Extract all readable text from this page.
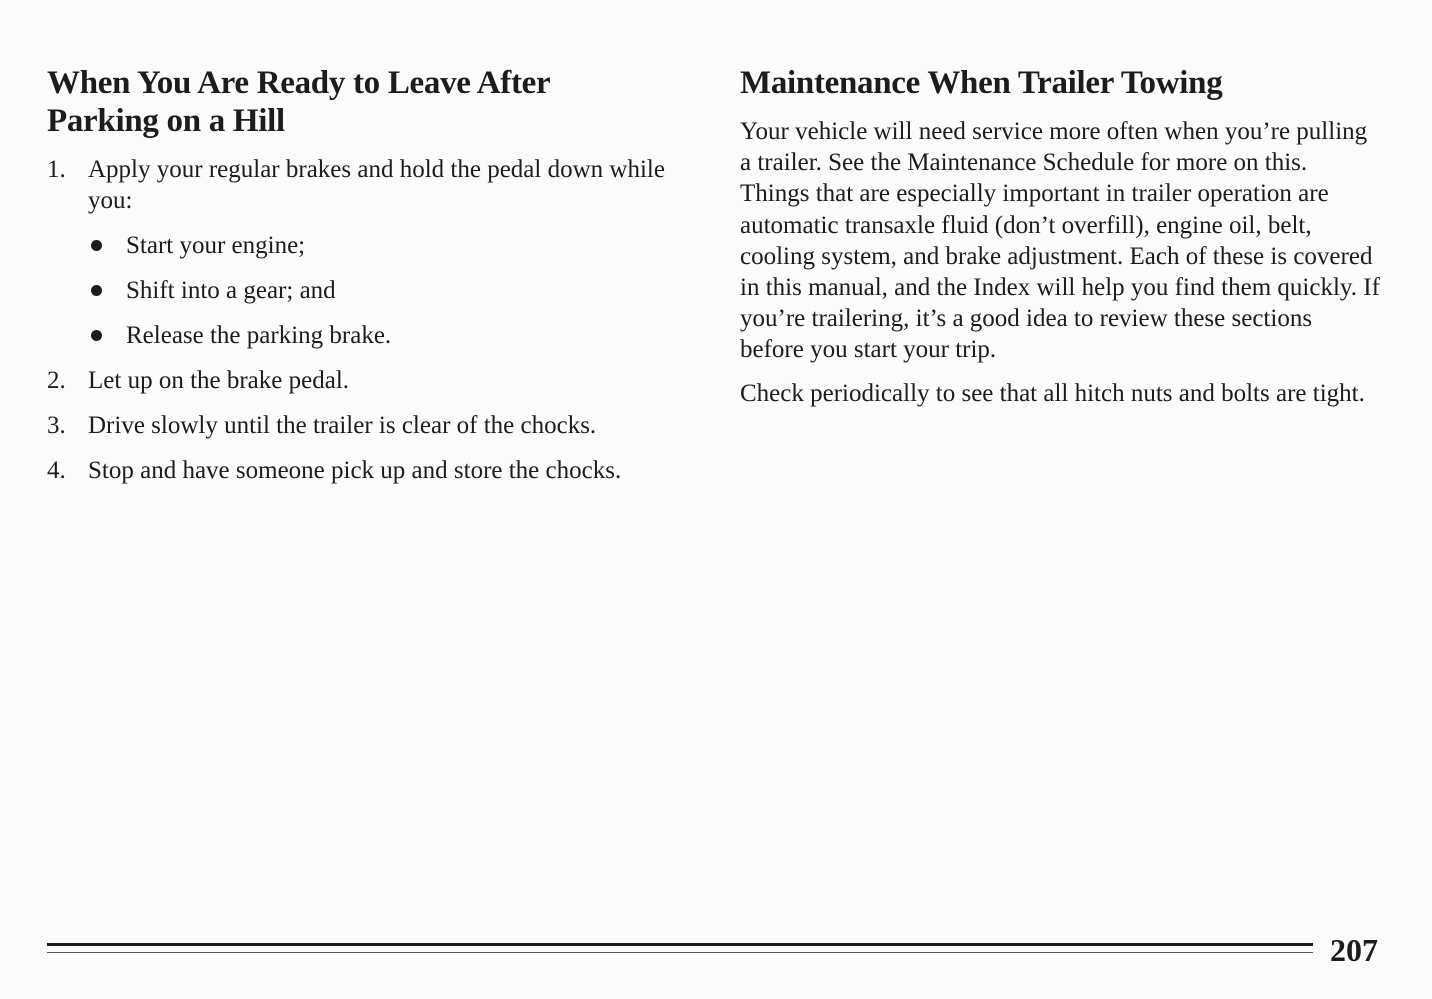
When You Are Ready to Leave After Parking on a Hill
1. Apply your regular brakes and hold the pedal down while you:
Start your engine;
Shift into a gear; and
Release the parking brake.
2. Let up on the brake pedal.
3. Drive slowly until the trailer is clear of the chocks.
4. Stop and have someone pick up and store the chocks.
Maintenance When Trailer Towing

Your vehicle will need service more often when you’re pulling a trailer. See the Maintenance Schedule for more on this. Things that are especially important in trailer operation are automatic transaxle fluid (don’t overfill), engine oil, belt, cooling system, and brake adjustment. Each of these is covered in this manual, and the Index will help you find them quickly. If you’re trailering, it’s a good idea to review these sections before you start your trip.

Check periodically to see that all hitch nuts and bolts are tight.

207
